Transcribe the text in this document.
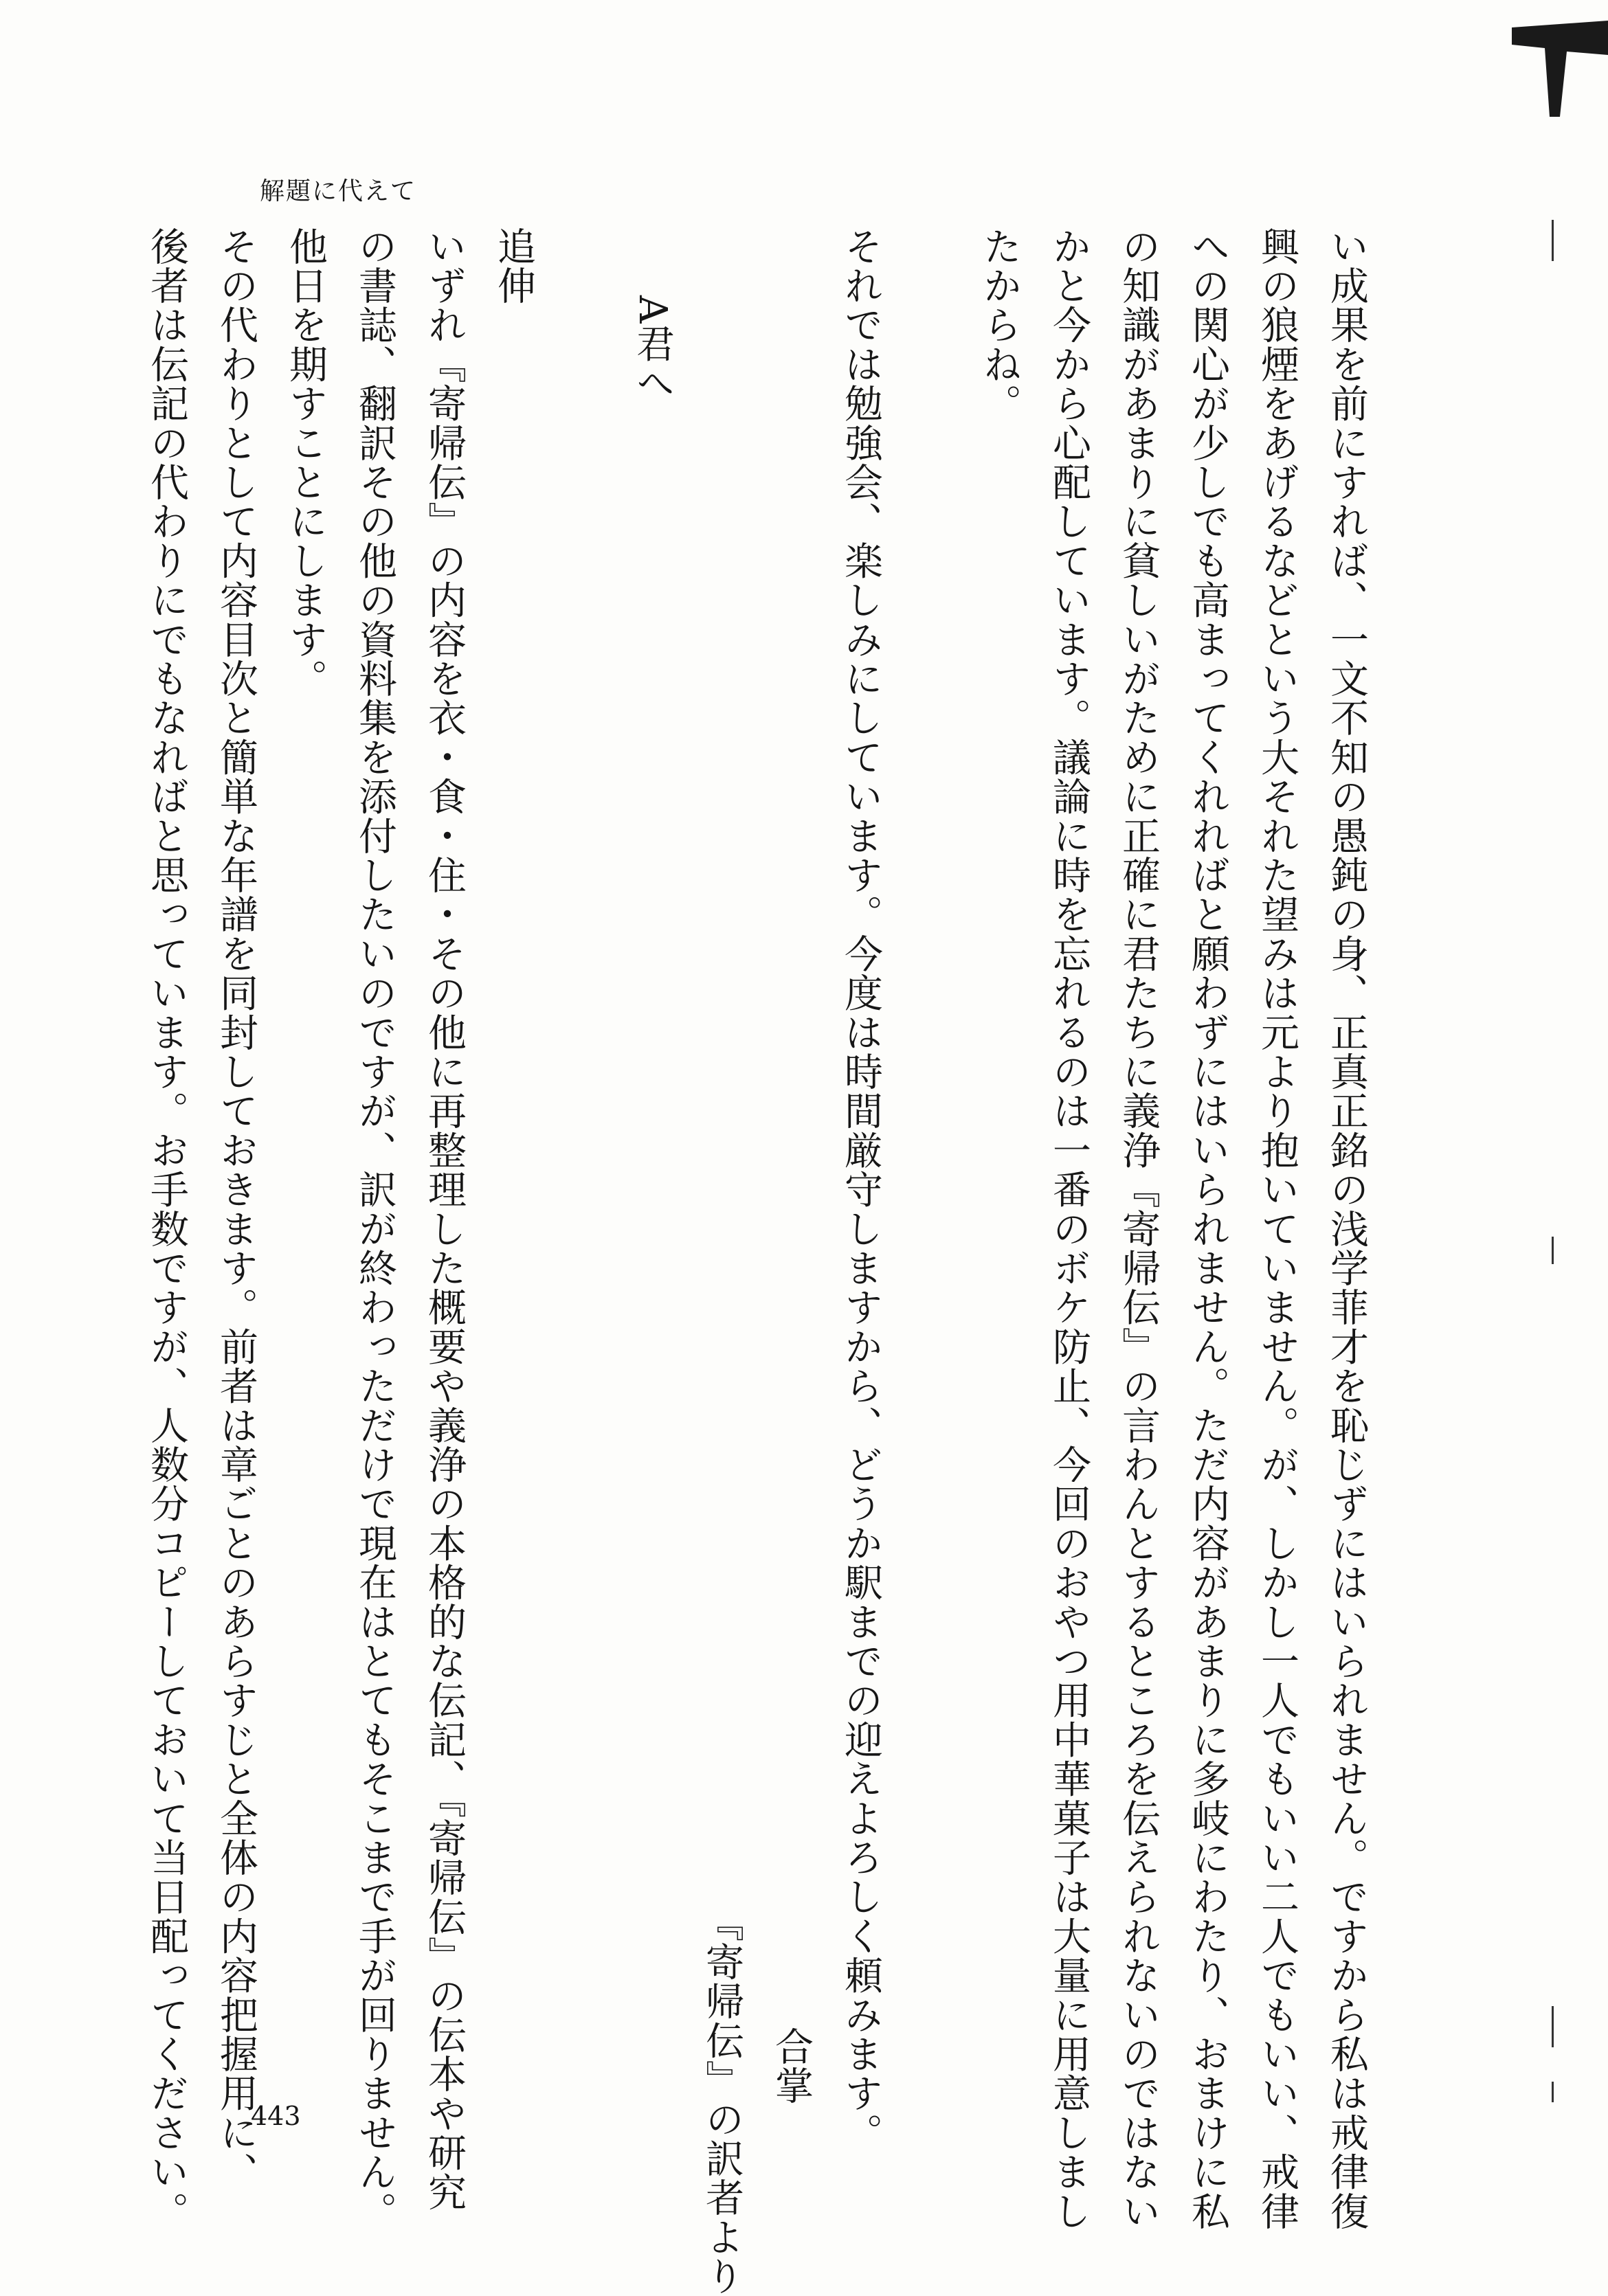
解題に代えて

い成果を前にすれば、一文不知の愚鈍の身、正真正銘の浅学菲才を恥じずにはいられません。ですから私は戒律復

興の狼煙をあげるなどという大それた望みは元より抱いていません。が、しかし一人でもいい二人でもいい、戒律

への関心が少しでも高まってくれればと願わずにはいられません。ただ内容があまりに多岐にわたり、おまけに私

の知識があまりに貧しいがために正確に君たちに義浄『寄帰伝』の言わんとするところを伝えられないのではない

かと今から心配しています。議論に時を忘れるのは一番のボケ防止、今回のおやつ用中華菓子は大量に用意しまし

たからね。

それでは勉強会、楽しみにしています。今度は時間厳守しますから、どうか駅までの迎えよろしく頼みます。

合掌

『寄帰伝』の訳者より

A君へ

追伸

いずれ『寄帰伝』の内容を衣・食・住・その他に再整理した概要や義浄の本格的な伝記、『寄帰伝』の伝本や研究

の書誌、翻訳その他の資料集を添付したいのですが、訳が終わっただけで現在はとてもそこまで手が回りません。

他日を期すことにします。

その代わりとして内容目次と簡単な年譜を同封しておきます。前者は章ごとのあらすじと全体の内容把握用に、

後者は伝記の代わりにでもなればと思っています。お手数ですが、人数分コピーしておいて当日配ってください。	443
